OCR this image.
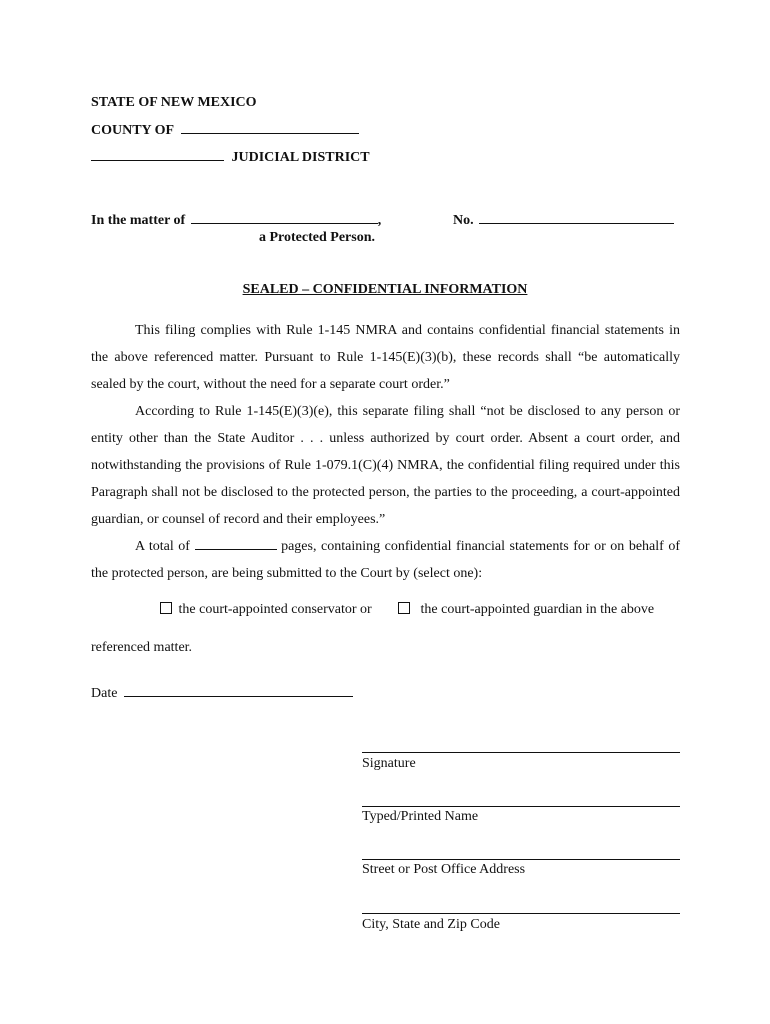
STATE OF NEW MEXICO
COUNTY OF
JUDICIAL DISTRICT
In the matter of	,
a Protected Person.
No.
SEALED – CONFIDENTIAL INFORMATION
This filing complies with Rule 1-145 NMRA and contains confidential financial statements in the above referenced matter. Pursuant to Rule 1-145(E)(3)(b), these records shall “be automatically sealed by the court, without the need for a separate court order.”
According to Rule 1-145(E)(3)(e), this separate filing shall “not be disclosed to any person or entity other than the State Auditor . . . unless authorized by court order. Absent a court order, and notwithstanding the provisions of Rule 1-079.1(C)(4) NMRA, the confidential filing required under this Paragraph shall not be disclosed to the protected person, the parties to the proceeding, a court-appointed guardian, or counsel of record and their employees.”
A total of	pages, containing confidential financial statements for or on behalf of the protected person, are being submitted to the Court by (select one):
the court-appointed conservator or	the court-appointed guardian in the above
referenced matter.
Date
Signature
Typed/Printed Name
Street or Post Office Address
City, State and Zip Code
